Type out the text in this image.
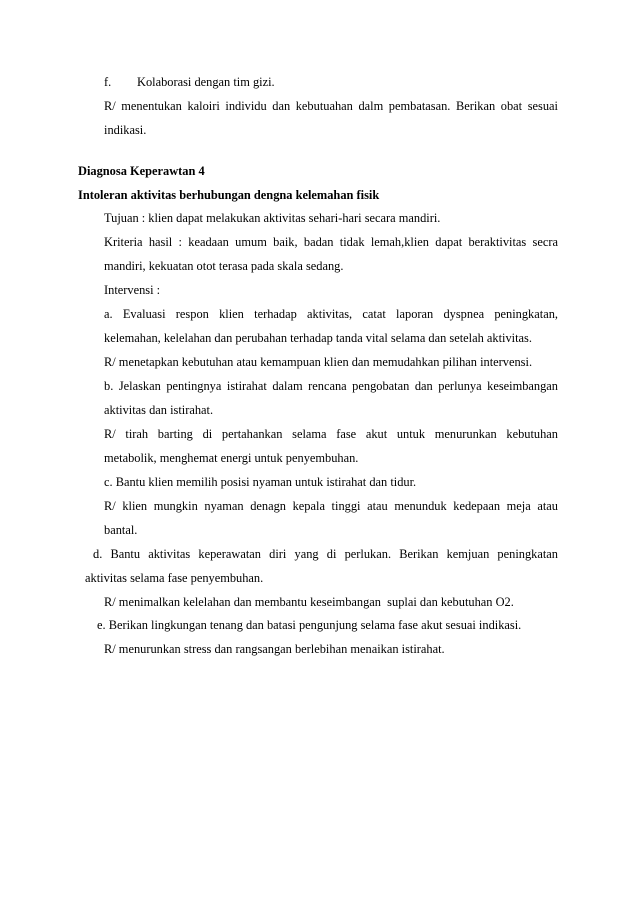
f. Kolaborasi dengan tim gizi.

R/ menentukan kaloiri individu dan kebutuahan dalm pembatasan. Berikan obat sesuai

indikasi.

Diagnosa Keperawtan 4

Intoleran aktivitas berhubungan dengna kelemahan fisik

Tujuan : klien dapat melakukan aktivitas sehari-hari secara mandiri.

Kriteria hasil : keadaan umum baik, badan tidak lemah,klien dapat beraktivitas secra

mandiri, kekuatan otot terasa pada skala sedang.

Intervensi :

a. Evaluasi respon klien terhadap aktivitas, catat laporan dyspnea peningkatan,

kelemahan, kelelahan dan perubahan terhadap tanda vital selama dan setelah aktivitas.

R/ menetapkan kebutuhan atau kemampuan klien dan memudahkan pilihan intervensi.

b. Jelaskan pentingnya istirahat dalam rencana pengobatan dan perlunya keseimbangan

aktivitas dan istirahat.

R/ tirah barting di pertahankan selama fase akut untuk menurunkan kebutuhan

metabolik, menghemat energi untuk penyembuhan.

c. Bantu klien memilih posisi nyaman untuk istirahat dan tidur.

R/ klien mungkin nyaman denagn kepala tinggi atau menunduk kedepaan meja atau

bantal.

d. Bantu aktivitas keperawatan diri yang di perlukan. Berikan kemjuan peningkatan

aktivitas selama fase penyembuhan.

R/ menimalkan kelelahan dan membantu keseimbangan  suplai dan kebutuhan O2.

e. Berikan lingkungan tenang dan batasi pengunjung selama fase akut sesuai indikasi.

R/ menurunkan stress dan rangsangan berlebihan menaikan istirahat.
